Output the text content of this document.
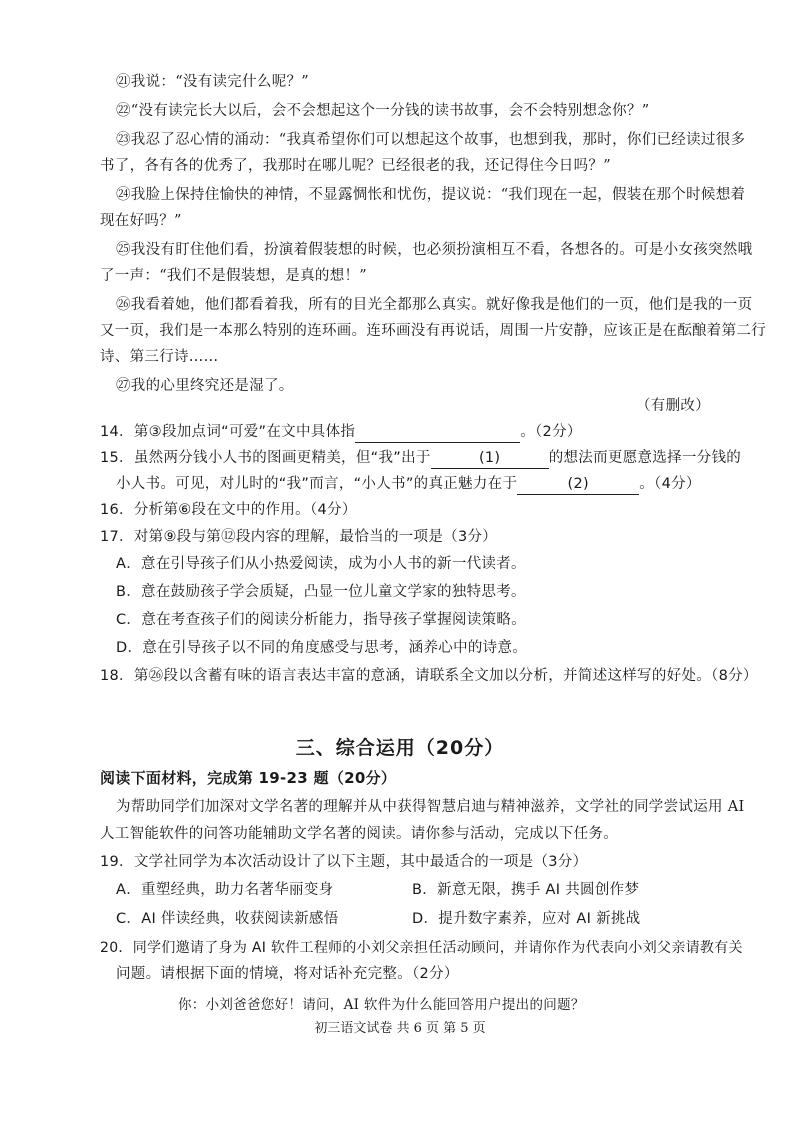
㉑我说：“没有读完什么呢？”
㉒“没有读完长大以后，会不会想起这个一分钱的读书故事，会不会特别想念你？”
㉓我忍了忍心情的涌动：“我真希望你们可以想起这个故事，也想到我，那时，你们已经读过很多
书了，各有各的优秀了，我那时在哪儿呢？已经很老的我，还记得住今日吗？”
㉔我脸上保持住愉快的神情，不显露惆怅和忧伤，提议说：“我们现在一起，假装在那个时候想着
现在好吗？”
㉕我没有盯住他们看，扮演着假装想的时候，也必须扮演相互不看，各想各的。可是小女孩突然哦
了一声：“我们不是假装想，是真的想！”
㉖我看着她，他们都看着我，所有的目光全都那么真实。就好像我是他们的一页，他们是我的一页
又一页，我们是一本那么特别的连环画。连环画没有再说话，周围一片安静，应该正是在酝酿着第二行
诗、第三行诗……
㉗我的心里终究还是湿了。
（有删改）
14．第③段加点词“可爱”在文中具体指	。（2分）
15．虽然两分钱小人书的图画更精美，但“我”出于	(1)	的想法而更愿意选择一分钱的
小人书。可见，对儿时的“我”而言，“小人书”的真正魅力在于	(2)	。（4分）
16．分析第⑥段在文中的作用。（4分）
17．对第⑨段与第⑫段内容的理解，最恰当的一项是（3分）
A．意在引导孩子们从小热爱阅读，成为小人书的新一代读者。
B．意在鼓励孩子学会质疑，凸显一位儿童文学家的独特思考。
C．意在考查孩子们的阅读分析能力，指导孩子掌握阅读策略。
D．意在引导孩子以不同的角度感受与思考，涵养心中的诗意。
18．第㉖段以含蓄有味的语言表达丰富的意涵，请联系全文加以分析，并简述这样写的好处。（8分）
三、综合运用（20分）
阅读下面材料，完成第 19-23 题（20分）
为帮助同学们加深对文学名著的理解并从中获得智慧启迪与精神滋养，文学社的同学尝试运用 AI
人工智能软件的问答功能辅助文学名著的阅读。请你参与活动，完成以下任务。
19．文学社同学为本次活动设计了以下主题，其中最适合的一项是（3分）
A．重塑经典，助力名著华丽变身	B．新意无限，携手 AI 共圆创作梦
C．AI 伴读经典，收获阅读新感悟	D．提升数字素养，应对 AI 新挑战
20．同学们邀请了身为 AI 软件工程师的小刘父亲担任活动顾问，并请你作为代表向小刘父亲请教有关
问题。请根据下面的情境，将对话补充完整。（2分）
你：小刘爸爸您好！请问，AI 软件为什么能回答用户提出的问题？
初三语文试卷 共 6 页 第 5 页
